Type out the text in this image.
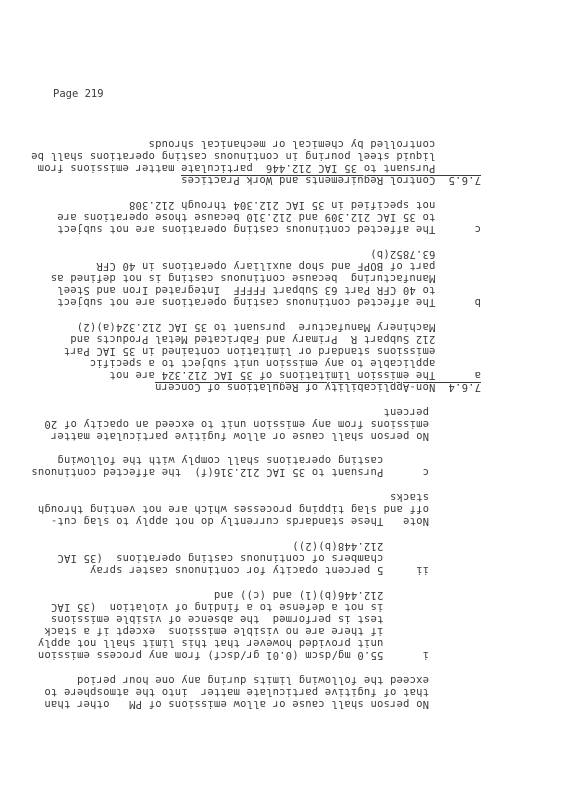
No person shall cause or allow emissions of PM   other than
that of fugitive particulate matter  into the atmosphere to
exceed the following limits during any one hour period
i      55.0 mg/dscm (0.01 gr/dscf) from any process emission
unit provided however that this limit shall not apply
if there are no visible emissions  except if a stack
test is performed  the absence of visible emissions
is not a defense to a finding of violation  (35 IAC
212.446(b)(1) and (c)) and
ii     5 percent opacity for continuous caster spray
chambers of continuous casting operations  (35 IAC
212.448(b)(2))
Note   These standards currently do not apply to slag cut-
off and slag tipping processes which are not venting through
stacks
c      Pursuant to 35 IAC 212.316(f)  the affected continuous
casting operations shall comply with the following
No person shall cause or allow fugitive particulate matter
emissions from any emission unit to exceed an opacity of 20
percent
7.6.4  Non-Applicability of Regulations of Concern
a      The emission limitations of 35 IAC 212.324 are not
applicable to any emission unit subject to a specific
emissions standard or limitation contained in 35 IAC Part
212 Subpart R  Primary and Fabricated Metal Products and
Machinery Manufacture  pursuant to 35 IAC 212.324(a)(2)
b      The affected continuous casting operations are not subject
to 40 CFR Part 63 Subpart FFFFF  Integrated Iron and Steel
Manufacturing  because continuous casting is not defined as
part of BOPF and shop auxiliary operations in 40 CFR
63.7852(b)
c      The affected continuous casting operations are not subject
to 35 IAC 212.309 and 212.310 because those operations are
not specified in 35 IAC 212.304 through 212.308
7.6.5  Control Requirements and Work Practices
Pursuant to 35 IAC 212.446  particulate matter emissions from
liquid steel pouring in continuous casting operations shall be
controlled by chemical or mechanical shrouds
Page 219
